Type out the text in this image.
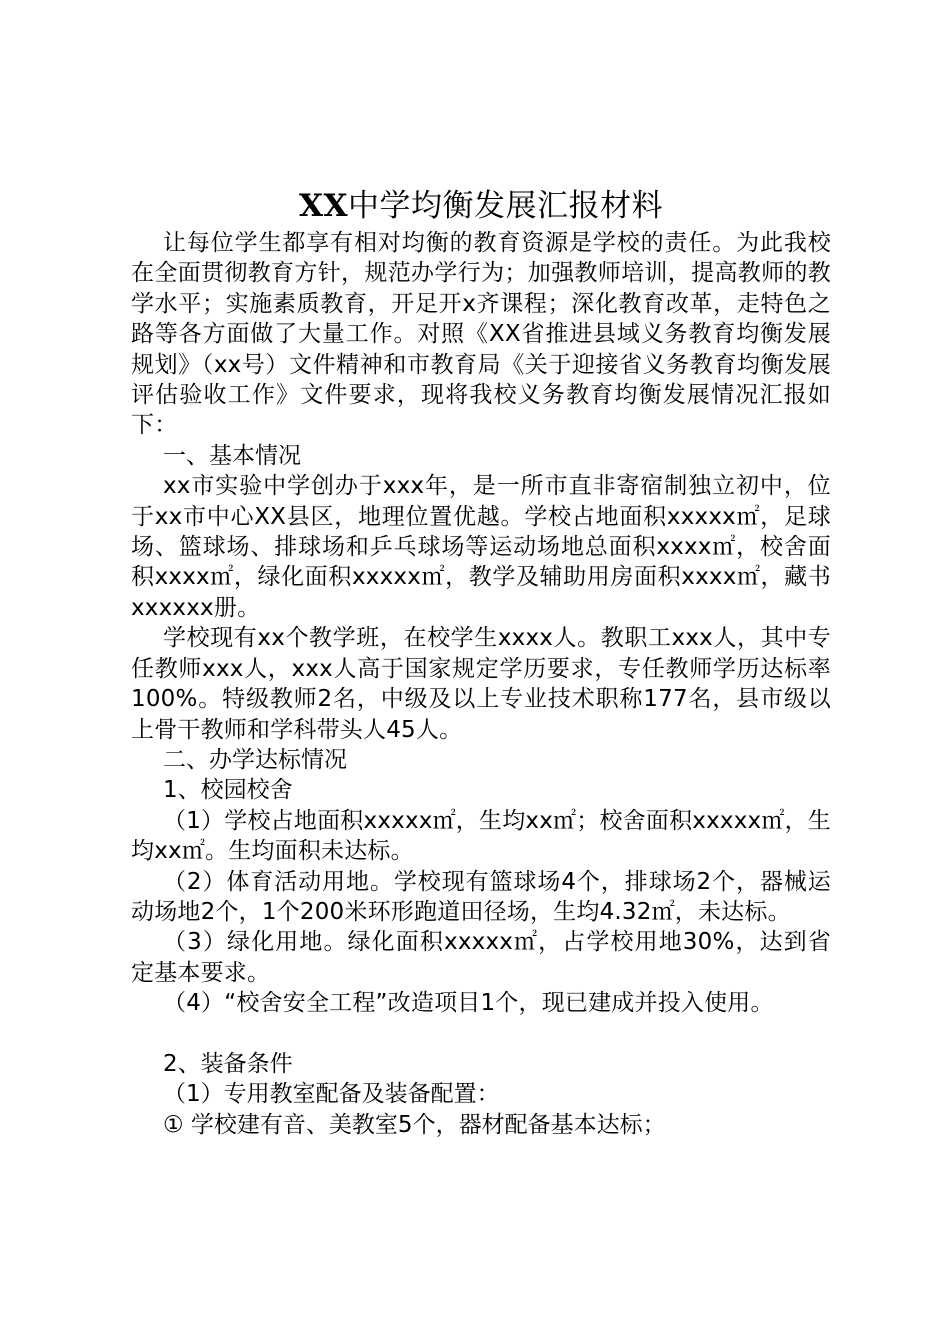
XX中学均衡发展汇报材料

让每位学生都享有相对均衡的教育资源是学校的责任。为此我校在全面贯彻教育方针，规范办学行为；加强教师培训，提高教师的教学水平；实施素质教育，开足开x齐课程；深化教育改革，走特色之路等各方面做了大量工作。对照《XX省推进县域义务教育均衡发展规划》（xx号）文件精神和市教育局《关于迎接省义务教育均衡发展评估验收工作》文件要求，现将我校义务教育均衡发展情况汇报如下：

一、基本情况

xx市实验中学创办于xxx年，是一所市直非寄宿制独立初中，位于xx市中心XX县区，地理位置优越。学校占地面积xxxxx㎡，足球场、篮球场、排球场和乒乓球场等运动场地总面积xxxx㎡，校舍面积xxxx㎡，绿化面积xxxxx㎡，教学及辅助用房面积xxxx㎡，藏书xxxxxx册。

学校现有xx个教学班，在校学生xxxx人。教职工xxx人，其中专任教师xxx人，xxx人高于国家规定学历要求，专任教师学历达标率100%。特级教师2名，中级及以上专业技术职称177名，县市级以上骨干教师和学科带头人45人。

二、办学达标情况

1、校园校舍

（1）学校占地面积xxxxx㎡，生均xx㎡；校舍面积xxxxx㎡，生均xx㎡。生均面积未达标。

（2）体育活动用地。学校现有篮球场4个，排球场2个，器械运动场地2个，1个200米环形跑道田径场，生均4.32㎡，未达标。

（3）绿化用地。绿化面积xxxxx㎡，占学校用地30%，达到省定基本要求。

（4）“校舍安全工程”改造项目1个，现已建成并投入使用。

2、装备条件

（1）专用教室配备及装备配置：

① 学校建有音、美教室5个，器材配备基本达标；
